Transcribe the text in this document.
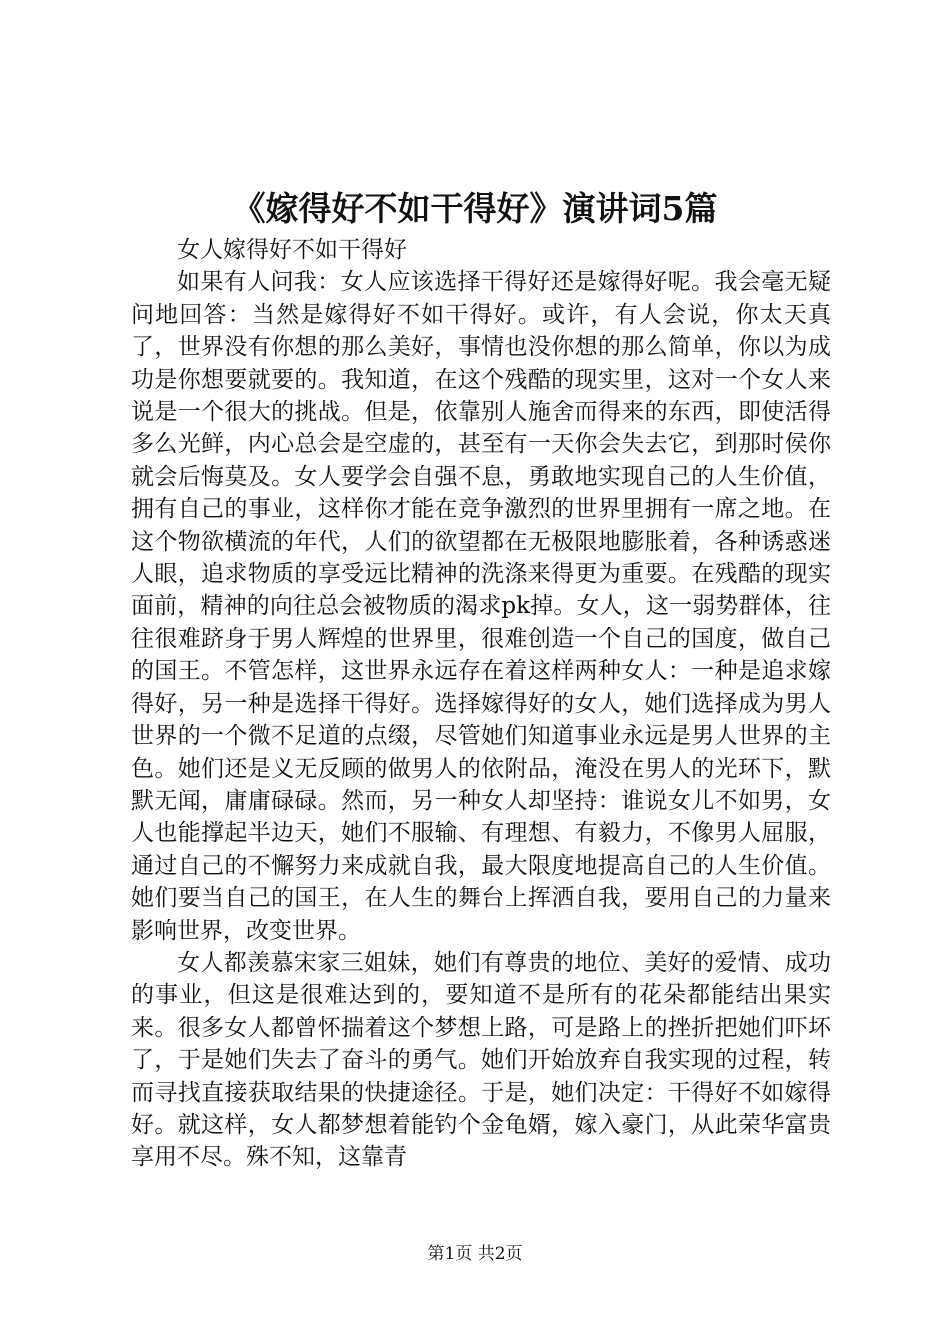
《嫁得好不如干得好》演讲词5篇

女人嫁得好不如干得好

如果有人问我：女人应该选择干得好还是嫁得好呢。我会毫无疑问地回答：当然是嫁得好不如干得好。或许，有人会说，你太天真了，世界没有你想的那么美好，事情也没你想的那么简单，你以为成功是你想要就要的。我知道，在这个残酷的现实里，这对一个女人来说是一个很大的挑战。但是，依靠别人施舍而得来的东西，即使活得多么光鲜，内心总会是空虚的，甚至有一天你会失去它，到那时侯你就会后悔莫及。女人要学会自强不息，勇敢地实现自己的人生价值，拥有自己的事业，这样你才能在竞争激烈的世界里拥有一席之地。在这个物欲横流的年代，人们的欲望都在无极限地膨胀着，各种诱惑迷人眼，追求物质的享受远比精神的洗涤来得更为重要。在残酷的现实面前，精神的向往总会被物质的渴求pk掉。女人，这一弱势群体，往往很难跻身于男人辉煌的世界里，很难创造一个自己的国度，做自己的国王。不管怎样，这世界永远存在着这样两种女人：一种是追求嫁得好，另一种是选择干得好。选择嫁得好的女人，她们选择成为男人世界的一个微不足道的点缀，尽管她们知道事业永远是男人世界的主色。她们还是义无反顾的做男人的依附品，淹没在男人的光环下，默默无闻，庸庸碌碌。然而，另一种女人却坚持：谁说女儿不如男，女人也能撑起半边天，她们不服输、有理想、有毅力，不像男人屈服，通过自己的不懈努力来成就自我，最大限度地提高自己的人生价值。她们要当自己的国王，在人生的舞台上挥洒自我，要用自己的力量来影响世界，改变世界。

女人都羡慕宋家三姐妹，她们有尊贵的地位、美好的爱情、成功的事业，但这是很难达到的，要知道不是所有的花朵都能结出果实来。很多女人都曾怀揣着这个梦想上路，可是路上的挫折把她们吓坏了，于是她们失去了奋斗的勇气。她们开始放弃自我实现的过程，转而寻找直接获取结果的快捷途径。于是，她们决定：干得好不如嫁得好。就这样，女人都梦想着能钓个金龟婿，嫁入豪门，从此荣华富贵享用不尽。殊不知，这靠青

第1页 共2页
